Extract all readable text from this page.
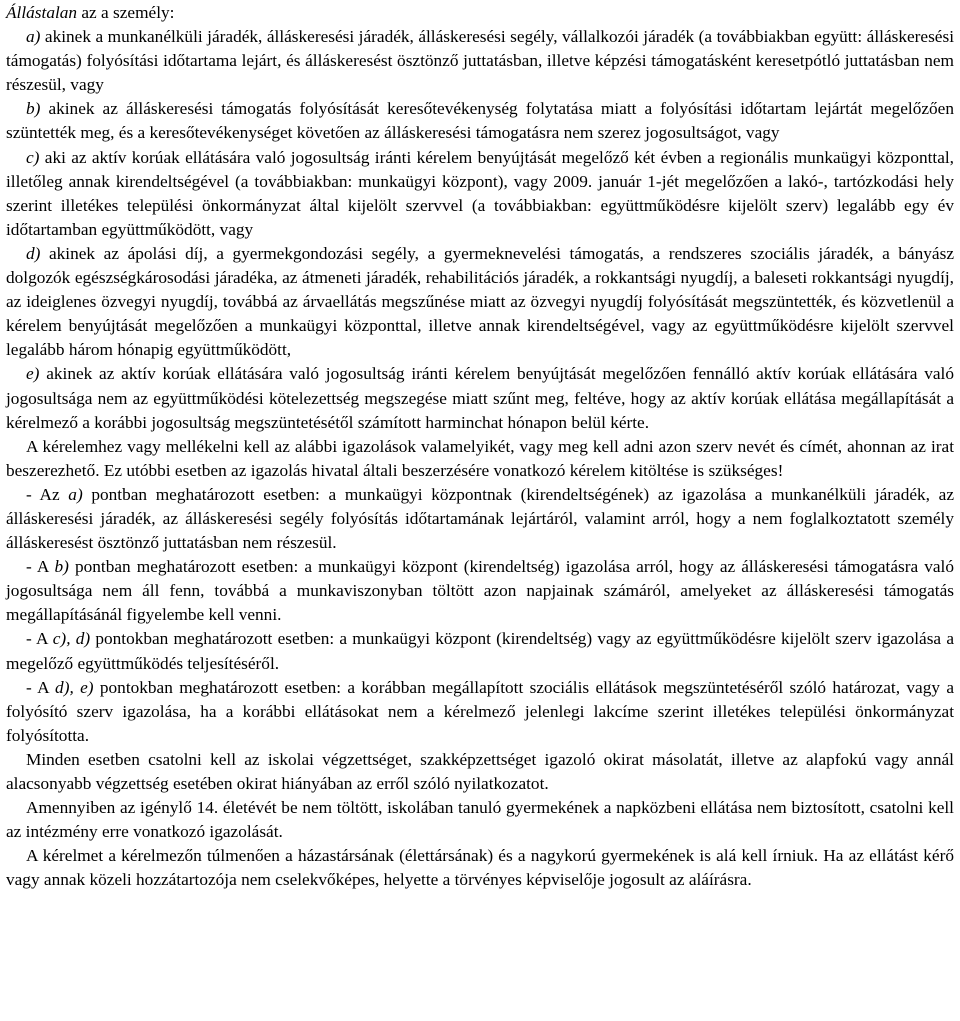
Állástalan az a személy:

a) akinek a munkanélküli járadék, álláskeresési járadék, álláskeresési segély, vállalkozói járadék (a továbbiakban együtt: álláskeresési támogatás) folyósítási időtartama lejárt, és álláskeresést ösztönző juttatásban, illetve képzési támogatásként keresetpótló juttatásban nem részesül, vagy

b) akinek az álláskeresési támogatás folyósítását keresőtevékenység folytatása miatt a folyósítási időtartam lejártát megelőzően szüntették meg, és a keresőtevékenységet követően az álláskeresési támogatásra nem szerez jogosultságot, vagy

c) aki az aktív korúak ellátására való jogosultság iránti kérelem benyújtását megelőző két évben a regionális munkaügyi központtal, illetőleg annak kirendeltségével (a továbbiakban: munkaügyi központ), vagy 2009. január 1-jét megelőzően a lakó-, tartózkodási hely szerint illetékes települési önkormányzat által kijelölt szervvel (a továbbiakban: együttműködésre kijelölt szerv) legalább egy év időtartamban együttműködött, vagy

d) akinek az ápolási díj, a gyermekgondozási segély, a gyermeknevelési támogatás, a rendszeres szociális járadék, a bányász dolgozók egészségkárosodási járadéka, az átmeneti járadék, rehabilitációs járadék, a rokkantsági nyugdíj, a baleseti rokkantsági nyugdíj, az ideiglenes özvegyi nyugdíj, továbbá az árvaellátás megszűnése miatt az özvegyi nyugdíj folyósítását megszüntették, és közvetlenül a kérelem benyújtását megelőzően a munkaügyi központtal, illetve annak kirendeltségével, vagy az együttműködésre kijelölt szervvel legalább három hónapig együttműködött,

e) akinek az aktív korúak ellátására való jogosultság iránti kérelem benyújtását megelőzően fennálló aktív korúak ellátására való jogosultsága nem az együttműködési kötelezettség megszegése miatt szűnt meg, feltéve, hogy az aktív korúak ellátása megállapítását a kérelmező a korábbi jogosultság megszüntetésétől számított harminchat hónapon belül kérte.

A kérelemhez vagy mellékelni kell az alábbi igazolások valamelyikét, vagy meg kell adni azon szerv nevét és címét, ahonnan az irat beszerezhető. Ez utóbbi esetben az igazolás hivatal általi beszerzésére vonatkozó kérelem kitöltése is szükséges!

- Az a) pontban meghatározott esetben: a munkaügyi központnak (kirendeltségének) az igazolása a munkanélküli járadék, az álláskeresési járadék, az álláskeresési segély folyósítás időtartamának lejártáról, valamint arról, hogy a nem foglalkoztatott személy álláskeresést ösztönző juttatásban nem részesül.

- A b) pontban meghatározott esetben: a munkaügyi központ (kirendeltség) igazolása arról, hogy az álláskeresési támogatásra való jogosultsága nem áll fenn, továbbá a munkaviszonyban töltött azon napjainak számáról, amelyeket az álláskeresési támogatás megállapításánál figyelembe kell venni.

- A c), d) pontokban meghatározott esetben: a munkaügyi központ (kirendeltség) vagy az együttműködésre kijelölt szerv igazolása a megelőző együttműködés teljesítéséről.

- A d), e) pontokban meghatározott esetben: a korábban megállapított szociális ellátások megszüntetéséről szóló határozat, vagy a folyósító szerv igazolása, ha a korábbi ellátásokat nem a kérelmező jelenlegi lakcíme szerint illetékes települési önkormányzat folyósította.

Minden esetben csatolni kell az iskolai végzettséget, szakképzettséget igazoló okirat másolatát, illetve az alapfokú vagy annál alacsonyabb végzettség esetében okirat hiányában az erről szóló nyilatkozatot.

Amennyiben az igénylő 14. életévét be nem töltött, iskolában tanuló gyermekének a napközbeni ellátása nem biztosított, csatolni kell az intézmény erre vonatkozó igazolását.

A kérelmet a kérelmezőn túlmenően a házastársának (élettársának) és a nagykorú gyermekének is alá kell írniuk. Ha az ellátást kérő vagy annak közeli hozzátartozója nem cselekvőképes, helyette a törvényes képviselője jogosult az aláírásra.
